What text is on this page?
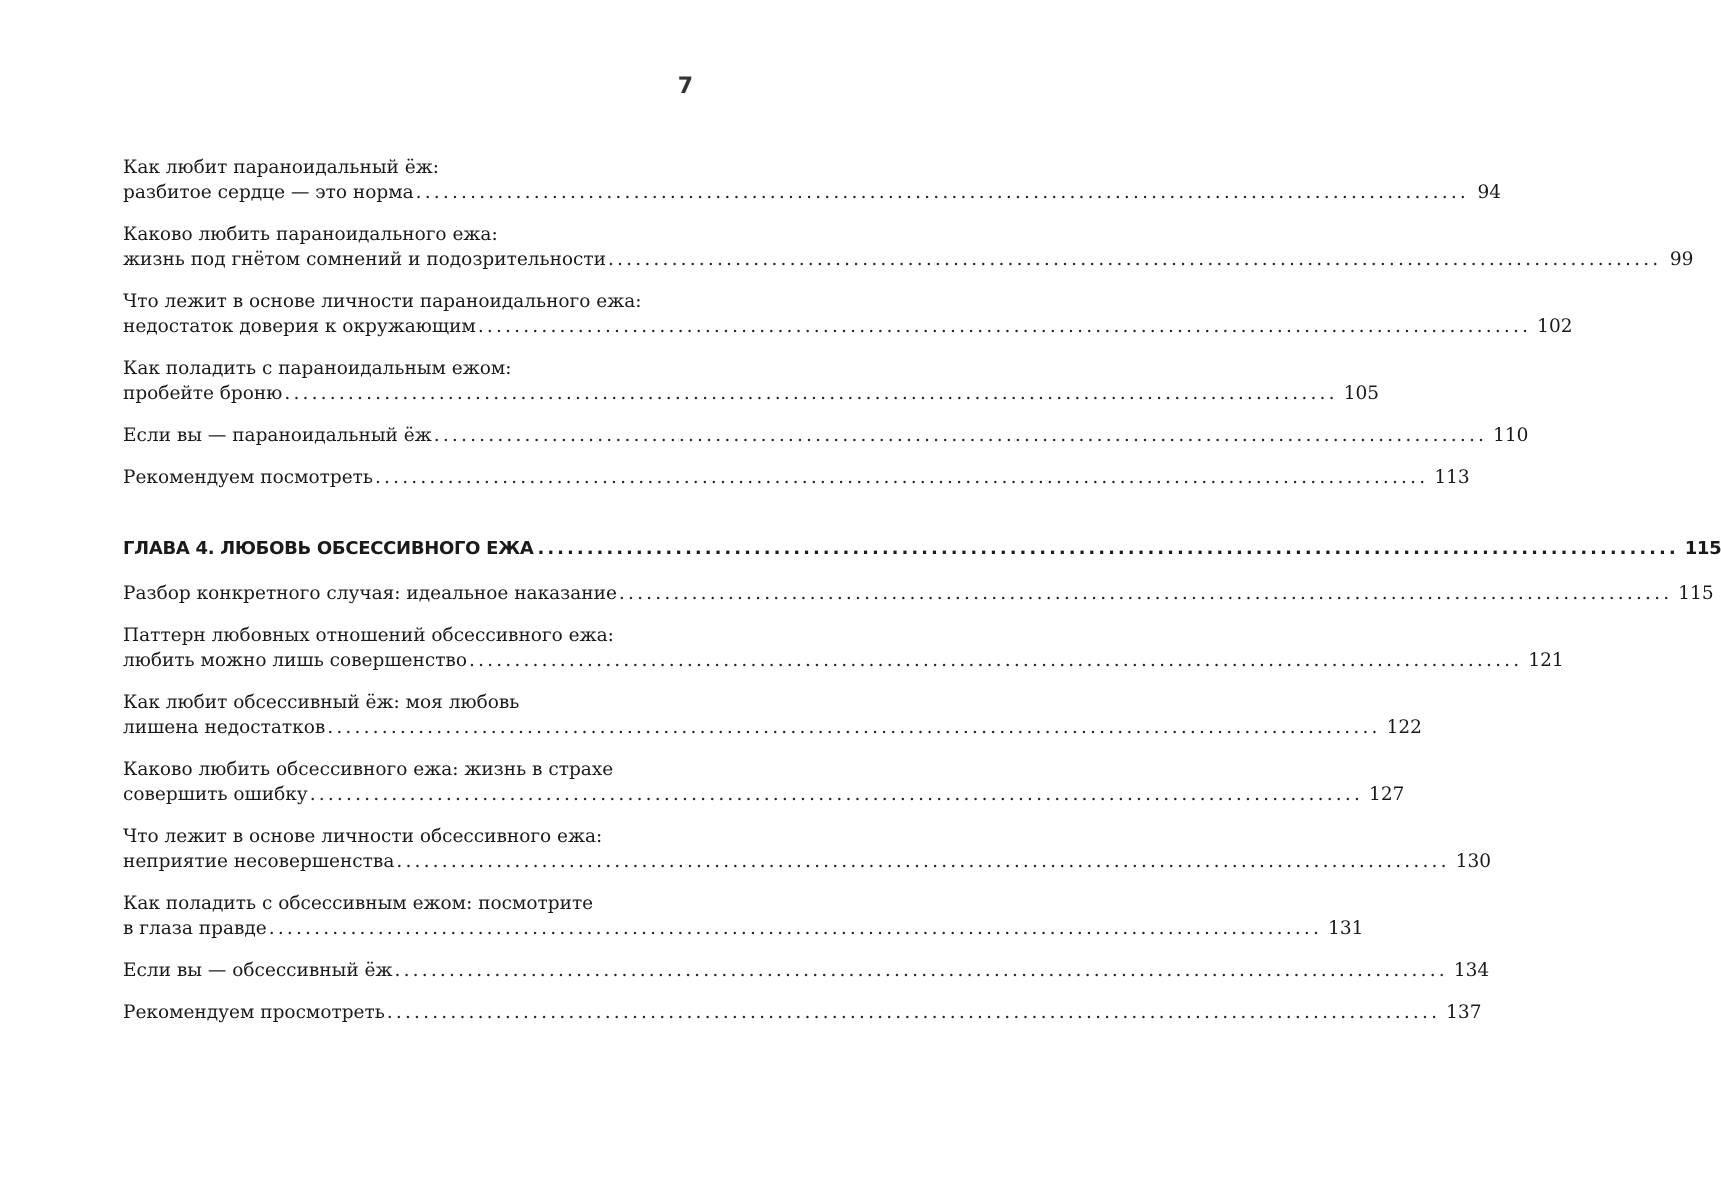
7
Как любит параноидальный ёж:
разбитое сердце — это норма .................................................................................................................... 94
Каково любить параноидального ежа:
жизнь под гнётом сомнений и подозрительности .................................................................................................................... 99
Что лежит в основе личности параноидального ежа:
недостаток доверия к окружающим .................................................................................................................... 102
Как поладить с параноидальным ежом:
пробейте броню .................................................................................................................... 105
Если вы — параноидальный ёж .................................................................................................................... 110
Рекомендуем посмотреть .................................................................................................................... 113
ГЛАВА 4. ЛЮБОВЬ ОБСЕССИВНОГО ЕЖА .................................................................................................................... 115
Разбор конкретного случая: идеальное наказание .................................................................................................................... 115
Паттерн любовных отношений обсессивного ежа:
любить можно лишь совершенство .................................................................................................................... 121
Как любит обсессивный ёж: моя любовь
лишена недостатков .................................................................................................................... 122
Каково любить обсессивного ежа: жизнь в страхе
совершить ошибку .................................................................................................................... 127
Что лежит в основе личности обсессивного ежа:
неприятие несовершенства .................................................................................................................... 130
Как поладить с обсессивным ежом: посмотрите
в глаза правде .................................................................................................................... 131
Если вы — обсессивный ёж .................................................................................................................... 134
Рекомендуем просмотреть .................................................................................................................... 137
